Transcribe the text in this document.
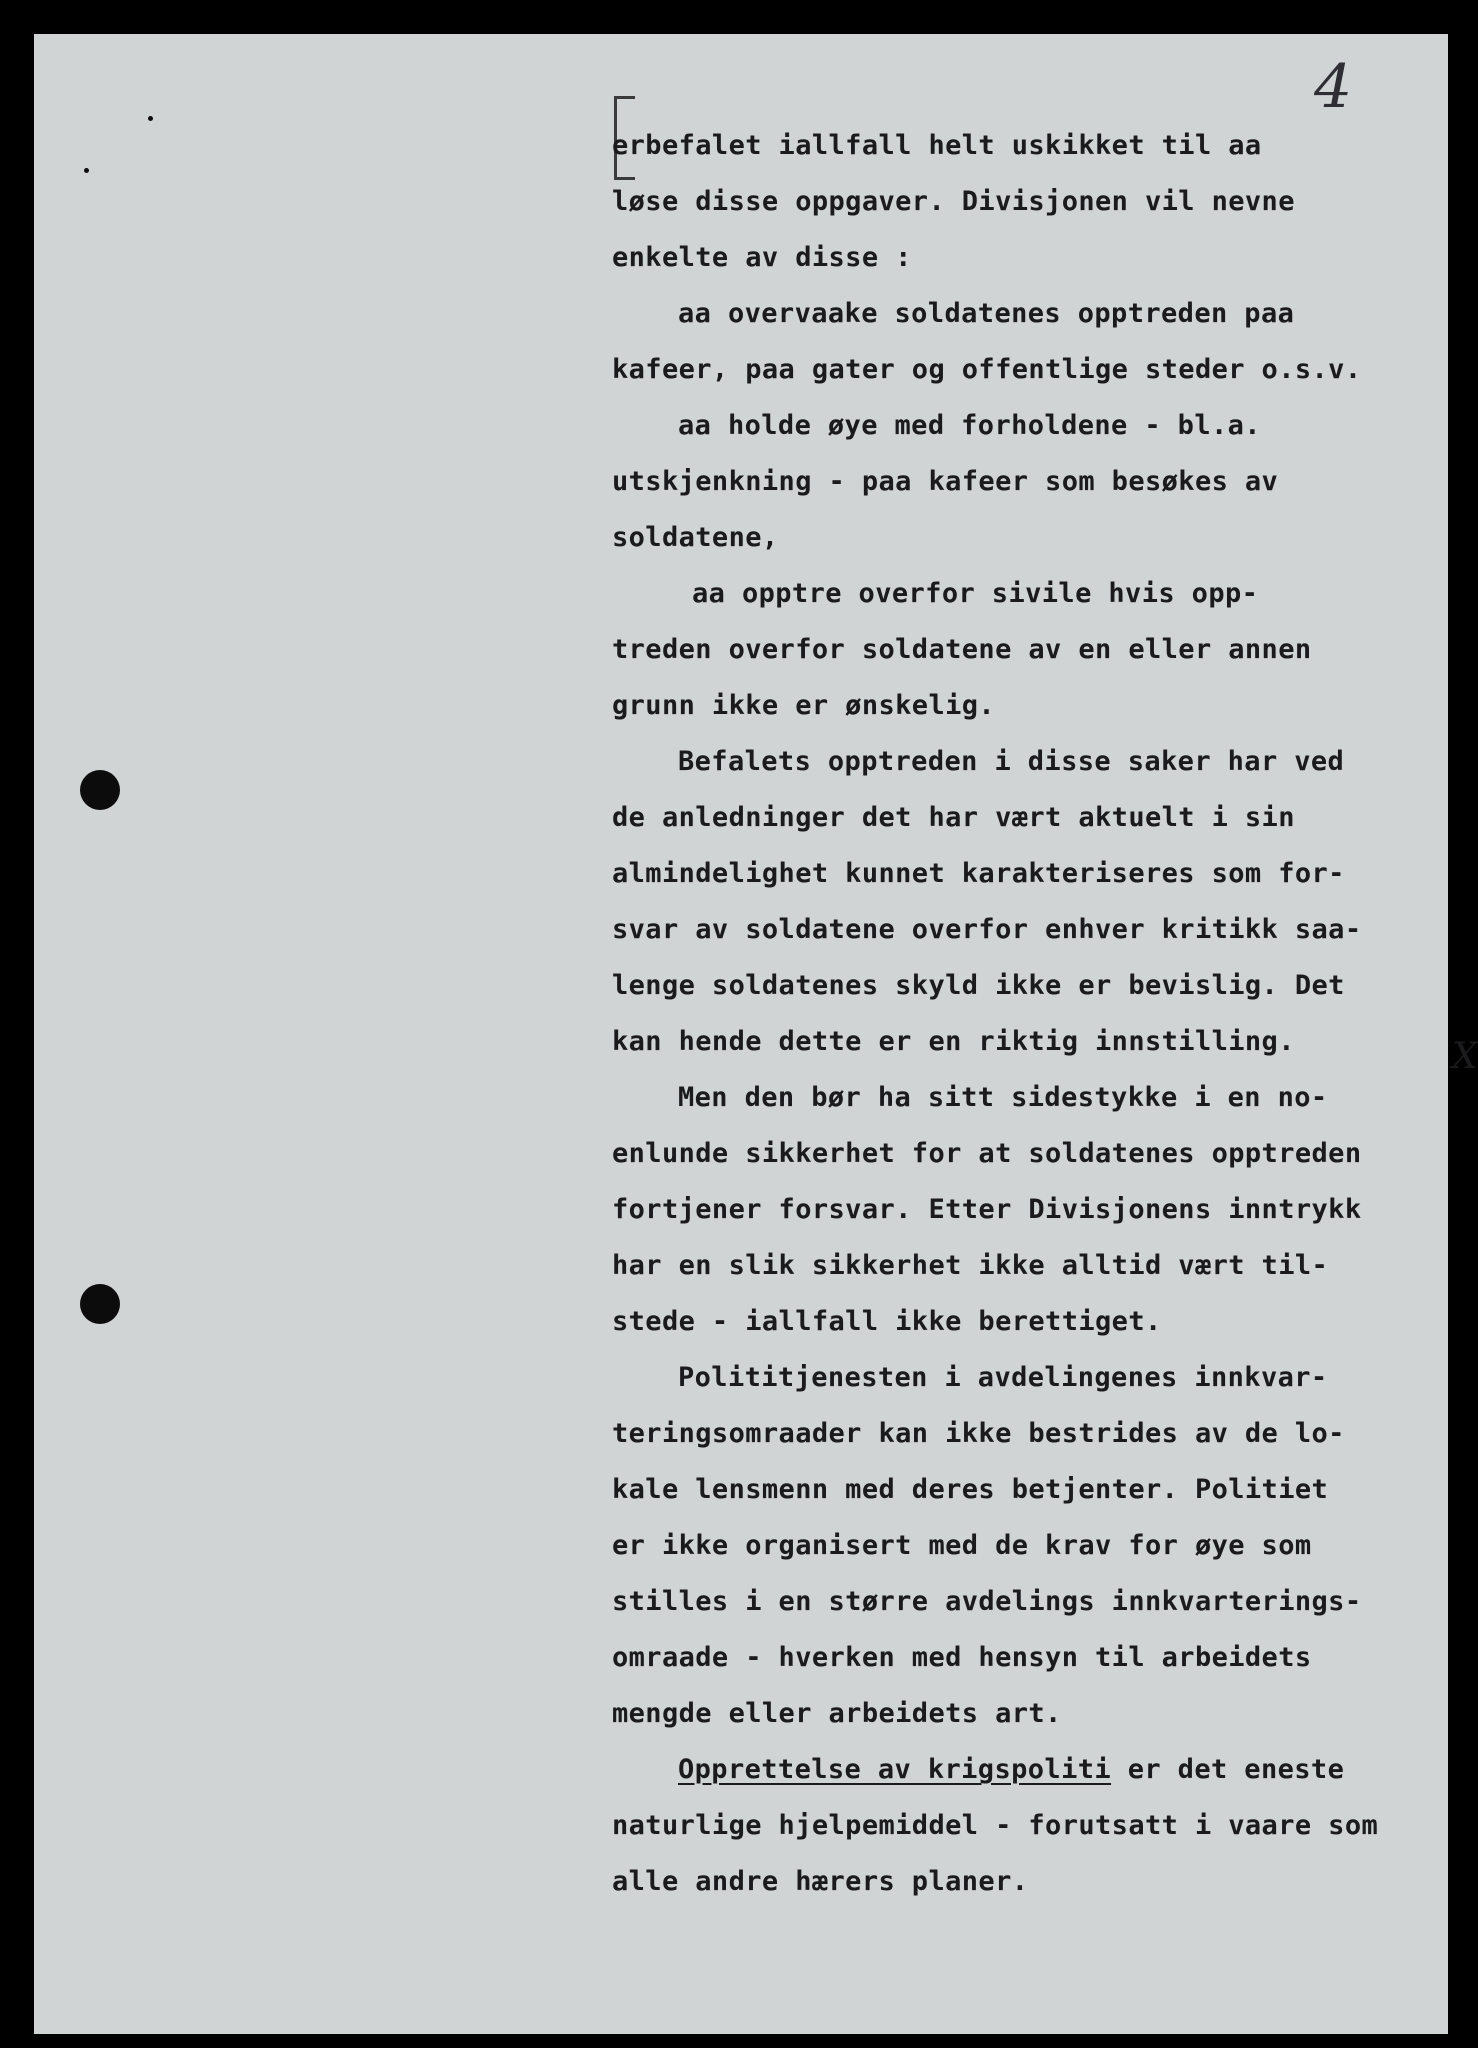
4
erbefalet iallfall helt uskikket til aa
løse disse oppgaver. Divisjonen vil nevne
enkelte av disse :
aa overvaake soldatenes opptreden paa
kafeer, paa gater og offentlige steder o.s.v.
aa holde øye med forholdene - bl.a.
utskjenkning - paa kafeer som besøkes av
soldatene,
aa opptre overfor sivile hvis opp-
treden overfor soldatene av en eller annen
grunn ikke er ønskelig.
Befalets opptreden i disse saker har ved
de anledninger det har vært aktuelt i sin
almindelighet kunnet karakteriseres som for-
svar av soldatene overfor enhver kritikk saa-
lenge soldatenes skyld ikke er bevislig. Det
kan hende dette er en riktig innstilling.
Men den bør ha sitt sidestykke i en no-
enlunde sikkerhet for at soldatenes opptreden
fortjener forsvar. Etter Divisjonens inntrykk
har en slik sikkerhet ikke alltid vært til-
stede - iallfall ikke berettiget.
Polititjenesten i avdelingenes innkvar-
teringsomraader kan ikke bestrides av de lo-
kale lensmenn med deres betjenter. Politiet
er ikke organisert med de krav for øye som
stilles i en større avdelings innkvarterings-
omraade - hverken med hensyn til arbeidets
mengde eller arbeidets art.
Opprettelse av krigspoliti er det eneste
naturlige hjelpemiddel - forutsatt i vaare som
alle andre hærers planer.
X
